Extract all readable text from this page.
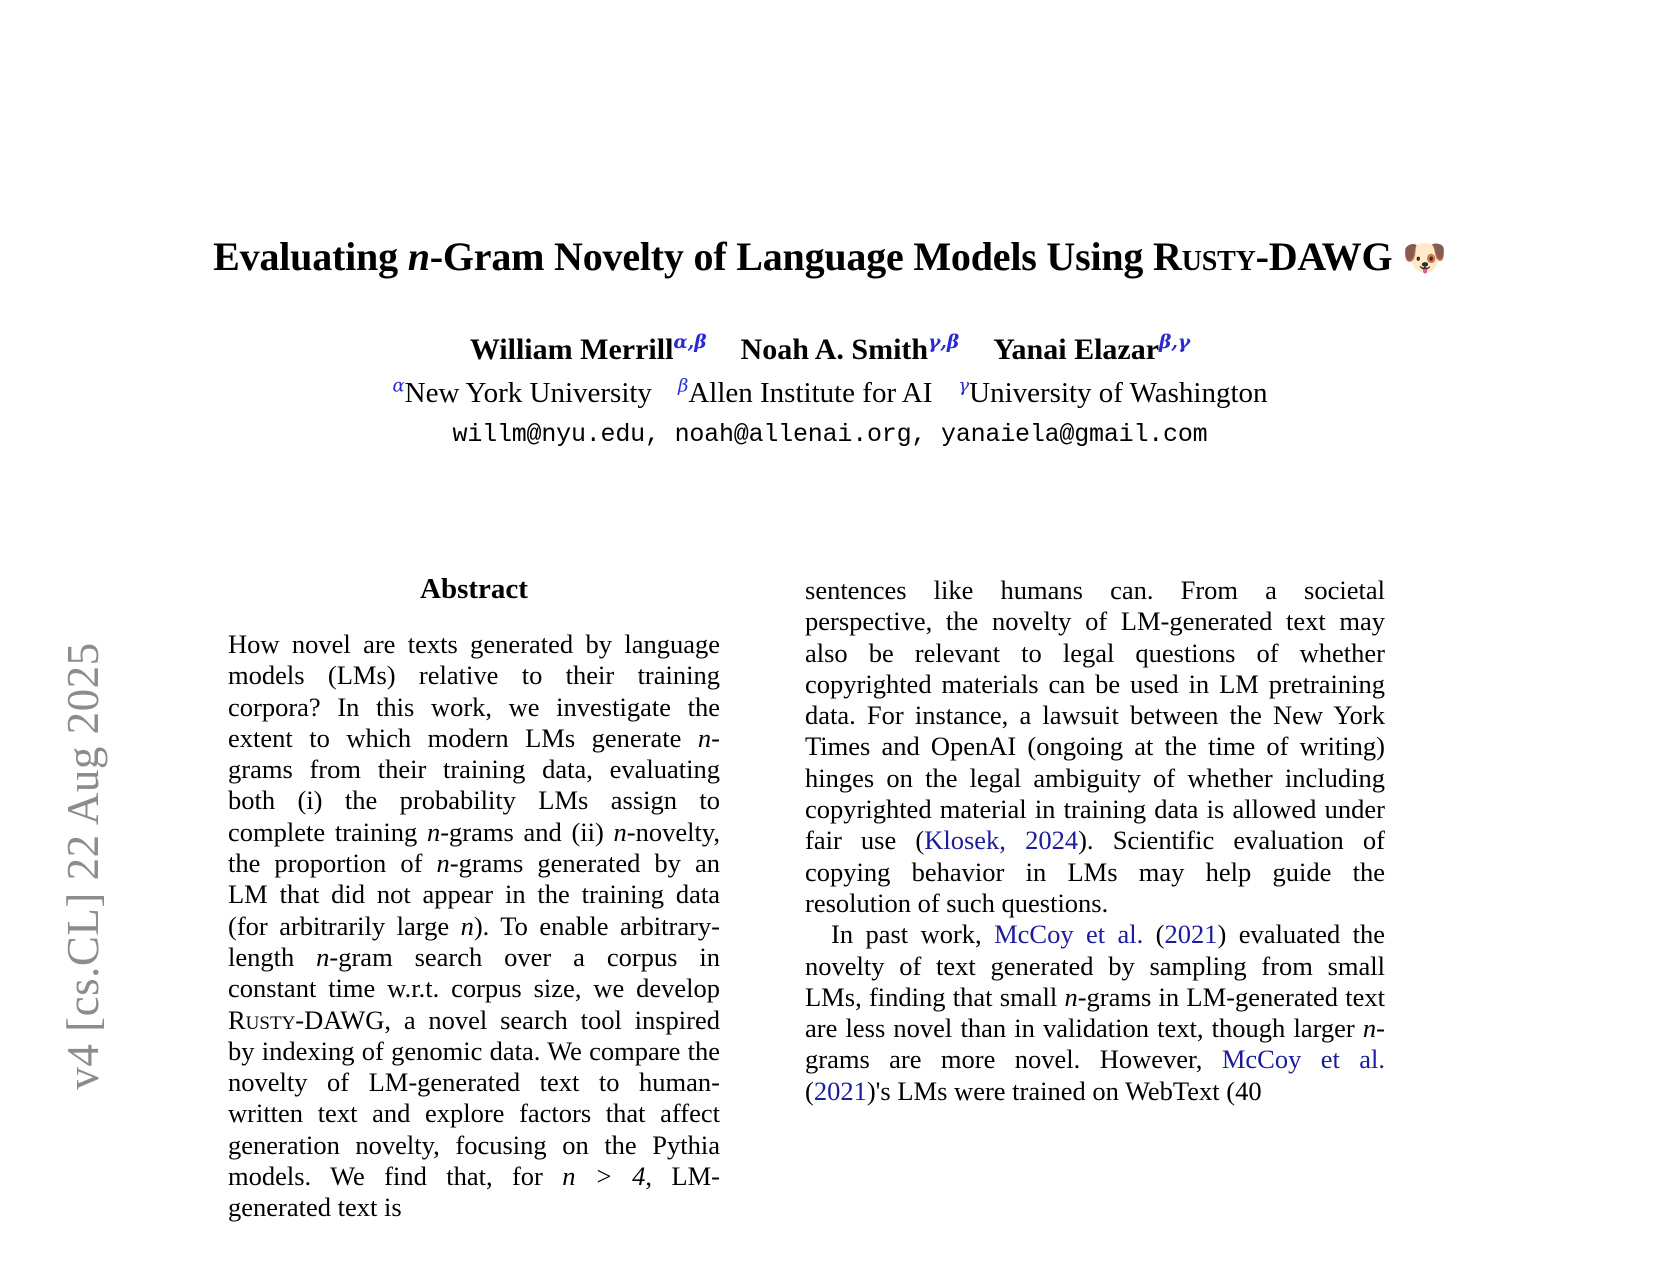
v4 [cs.CL] 22 Aug 2025
Evaluating n-Gram Novelty of Language Models Using Rusty-DAWG 🐶
William Merrill$^{\alpha,\beta}$ Noah A. Smith$^{\gamma,\beta}$ Yanai Elazar$^{\beta,\gamma}$
$^\alpha$New York University $^\beta$Allen Institute for AI $^\gamma$University of Washington
willm@nyu.edu, noah@allenai.org, yanaiela@gmail.com
Abstract

How novel are texts generated by language models (LMs) relative to their training corpora? In this work, we investigate the extent to which modern LMs generate n-grams from their training data, evaluating both (i) the probability LMs assign to complete training n-grams and (ii) n-novelty, the proportion of n-grams generated by an LM that did not appear in the training data (for arbitrarily large n). To enable arbitrary-length n-gram search over a corpus in constant time w.r.t. corpus size, we develop Rusty-DAWG, a novel search tool inspired by indexing of genomic data. We compare the novelty of LM-generated text to human-written text and explore factors that affect generation novelty, focusing on the Pythia models. We find that, for n > 4, LM-generated text is

sentences like humans can. From a societal perspective, the novelty of LM-generated text may also be relevant to legal questions of whether copyrighted materials can be used in LM pretraining data. For instance, a lawsuit between the New York Times and OpenAI (ongoing at the time of writing) hinges on the legal ambiguity of whether including copyrighted material in training data is allowed under fair use (Klosek, 2024). Scientific evaluation of copying behavior in LMs may help guide the resolution of such questions.

In past work, McCoy et al. (2021) evaluated the novelty of text generated by sampling from small LMs, finding that small n-grams in LM-generated text are less novel than in validation text, though larger n-grams are more novel. However, McCoy et al. (2021)'s LMs were trained on WebText (40
